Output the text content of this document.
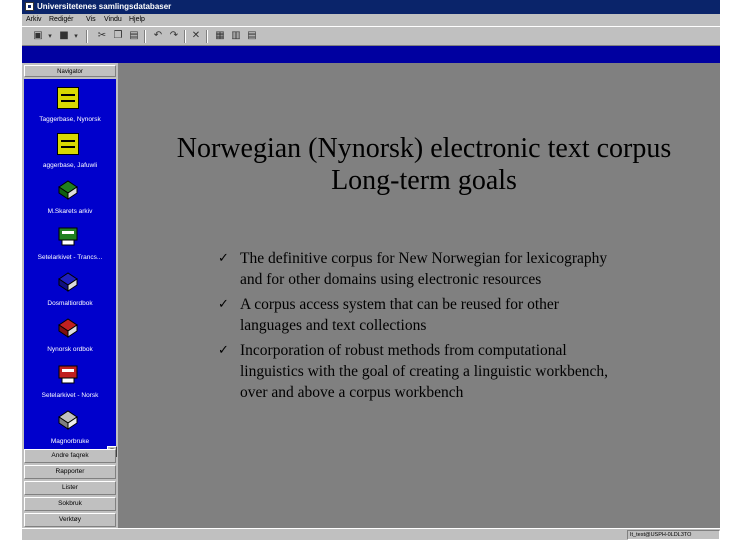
Universitetenes samlingsdatabaser
Arkiv Redigér Vis Vindu Hjelp
▣ ▾ ■ ▾	✂ ❐ ▤ ↶ ↷ ✕ ▦ ▥ ▤
Navigator
Taggerbase, Nynorsk
aggerbase, Jafuwli
M.Skarets arkiv
Setelarkivet - Trancs...
Dosmaltiordbok
Nynorsk ordbok
Setelarkivet - Norsk
Magnorbruke
Andre faqrek
Rapporter
Lister
Sokbruk
Verktøy
Norwegian (Nynorsk) electronic text corpus
Long-term goals
✓ The definitive corpus for New Norwegian for lexicography and for other domains using electronic resources
✓ A corpus access system that can be reused for other languages and text collections
✓ Incorporation of robust methods from computational linguistics with the goal of creating a linguistic workbench, over and above a corpus workbench
It_test@USPH-0LDL3TO
